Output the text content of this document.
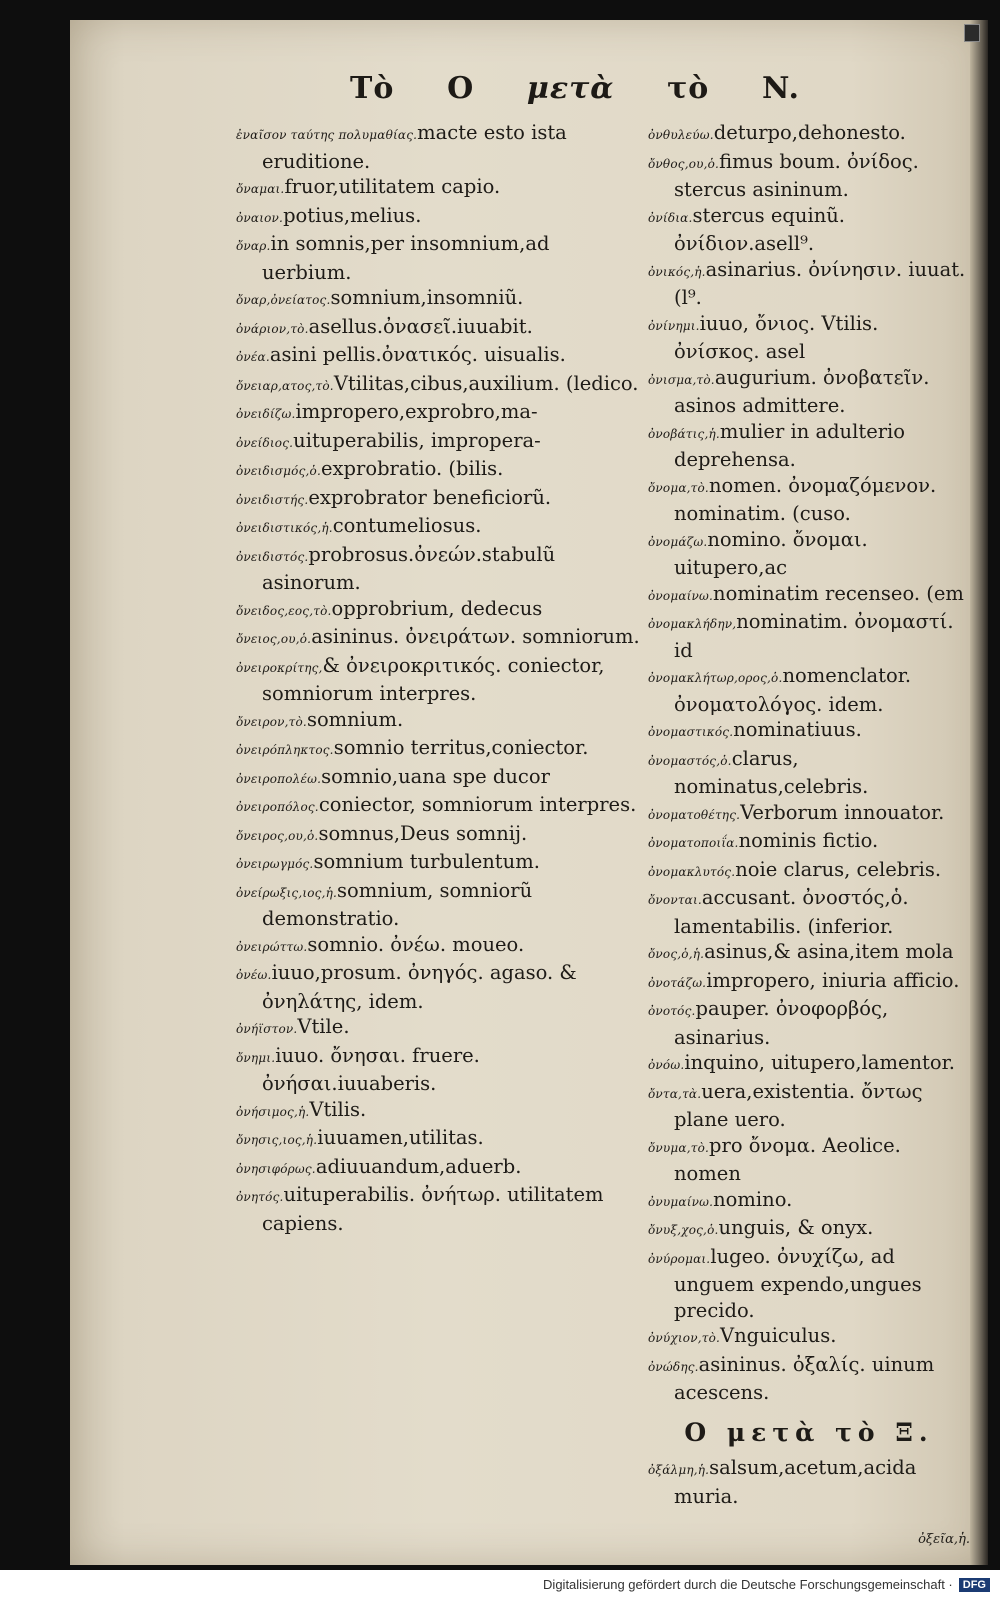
Τὸ O μετὰ τὸ N.

ἐναῖσον ταύτης πολυμαθίας.macte esto ista eruditione.

ὄναμαι.fruor,utilitatem capio.

ὀναιον.potius,melius.

ὄναρ.in somnis,per insomnium,ad uerbium.

ὄναρ,ὀνείατος.somnium,insomniũ.

ὀνάριον,τὸ.asellus.ὀνασεῖ.iuuabit.

ὀνέα.asini pellis.ὀνατικός. uisualis.

ὄνειαρ,ατος,τὸ.Vtilitas,cibus,auxilium. (ledico.

ὀνειδίζω.impropero,exprobro,ma-

ὀνείδιος.uituperabilis, impropera-

ὀνειδισμός,ὁ.exprobratio. (bilis.

ὀνειδιστής.exprobrator beneficiorũ.

ὀνειδιστικός,ἡ.contumeliosus.

ὀνειδιστός.probrosus.ὀνεών.stabulũ asinorum.

ὄνειδος,εος,τὸ.opprobrium, dedecus

ὄνειος,ου,ὁ.asininus. ὀνειράτων. somniorum.

ὀνειροκρίτης,& ὀνειροκριτικός. coniector, somniorum interpres.

ὄνειρον,τὸ.somnium.

ὀνειρόπληκτος.somnio territus,coniector.

ὀνειροπολέω.somnio,uana spe ducor

ὀνειροπόλος.coniector, somniorum interpres.

ὄνειρος,ου,ὁ.somnus,Deus somnij.

ὀνειρωγμός.somnium turbulentum.

ὀνείρωξις,ιος,ἡ.somnium, somniorũ demonstratio.

ὀνειρώττω.somnio. ὀνέω. moueo.

ὀνέω.iuuo,prosum. ὀνηγός. agaso. & ὀνηλάτης, idem.

ὀνήϊστον.Vtile.

ὄνημι.iuuo. ὄνησαι. fruere. ὀνήσαι.iuuaberis.

ὀνήσιμος,ἡ.Vtilis.

ὄνησις,ιος,ἡ.iuuamen,utilitas.

ὀνησιφόρως.adiuuandum,aduerb.

ὀνητός.uituperabilis. ὀνήτωρ. utilitatem capiens.

ὀνθυλεύω.deturpo,dehonesto.

ὄνθος,ου,ὁ.fimus boum. ὀνίδος. stercus asininum.

ὀνίδια.stercus equinũ. ὀνίδιον.asell⁹.

ὀνικός,ἡ.asinarius. ὀνίνησιν. iuuat. (l⁹.

ὀνίνημι.iuuo, ὄνιος. Vtilis. ὀνίσκος. asel

ὀνισμα,τὸ.augurium. ὀνοβατεῖν. asinos admittere.

ὀνοβάτις,ἡ.mulier in adulterio deprehensa.

ὄνομα,τὸ.nomen. ὀνομαζόμενον. nominatim. (cuso.

ὀνομάζω.nomino. ὄνομαι. uitupero,ac

ὀνομαίνω.nominatim recenseo. (em

ὀνομακλήδην,nominatim. ὀνομαστί. id

ὀνομακλήτωρ,ορος,ὁ.nomenclator. ὀνοματολόγος. idem.

ὀνομαστικός.nominatiuus.

ὀνομαστός,ὁ.clarus, nominatus,celebris.

ὀνοματοθέτης.Verborum innouator.

ὀνοματοποιΐα.nominis fictio.

ὀνομακλυτός.noie clarus, celebris.

ὄνονται.accusant. ὀνοστός,ὁ. lamentabilis. (inferior.

ὄνος,ὁ,ἡ.asinus,& asina,item mola

ὀνοτάζω.impropero, iniuria afficio.

ὀνοτός.pauper. ὀνοφορβός, asinarius.

ὀνόω.inquino, uitupero,lamentor.

ὄντα,τὰ.uera,existentia. ὄντως plane uero.

ὄνυμα,τὸ.pro ὄνομα. Aeolice. nomen

ὀνυμαίνω.nomino.

ὄνυξ,χος,ὁ.unguis, & onyx.

ὀνύρομαι.lugeo. ὀνυχίζω, ad unguem expendo,ungues precido.

ὀνύχιον,τὸ.Vnguiculus.

ὀνώδης.asininus. ὀξαλίς. uinum acescens.

O μετὰ τὸ Ξ.

ὀξάλμη,ἡ.salsum,acetum,acida muria.

ὀξεῖα,ἡ.
Digitalisierung gefördert durch die Deutsche Forschungsgemeinschaft · DFG
